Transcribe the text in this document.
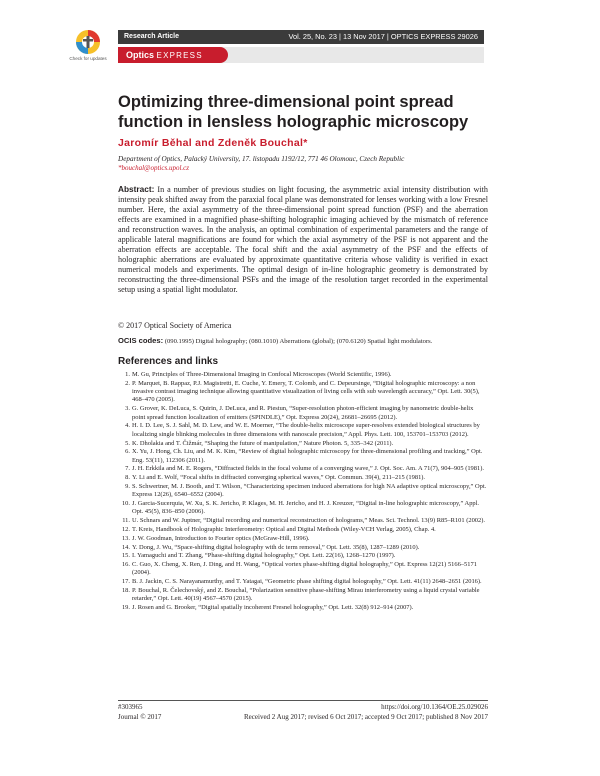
Check for updates
Research Article	Vol. 25, No. 23 | 13 Nov 2017 | OPTICS EXPRESS 29026
Optics EXPRESS
Optimizing three-dimensional point spread function in lensless holographic microscopy
Jaromír Běhal and Zdeněk Bouchal*
Department of Optics, Palacký University, 17. listopadu 1192/12, 771 46 Olomouc, Czech Republic
*bouchal@optics.upol.cz
Abstract: In a number of previous studies on light focusing, the asymmetric axial intensity distribution with intensity peak shifted away from the paraxial focal plane was demonstrated for lenses working with a low Fresnel number. Here, the axial asymmetry of the three-dimensional point spread function (PSF) and the aberration effects are examined in a magnified phase-shifting holographic imaging achieved by the mismatch of reference and reconstruction waves. In the analysis, an optimal combination of experimental parameters and the range of applicable lateral magnifications are found for which the axial asymmetry of the PSF is not apparent and the aberration effects are acceptable. The focal shift and the axial asymmetry of the PSF and the effects of holographic aberrations are evaluated by approximate quantitative criteria whose validity is verified in exact numerical models and experiments. The optimal design of in-line holographic geometry is demonstrated by reconstructing the three-dimensional PSFs and the image of the resolution target recorded in the experimental setup using a spatial light modulator.
© 2017 Optical Society of America
OCIS codes: (090.1995) Digital holography; (080.1010) Aberrations (global); (070.6120) Spatial light modulators.
References and links
1. M. Gu, Principles of Three-Dimensional Imaging in Confocal Microscopes (World Scientific, 1996).
2. P. Marquet, B. Rappaz, P.J. Magistretti, E. Cuche, Y. Emery, T. Colomb, and C. Depeursinge, “Digital holographic microscopy: a non invasive contrast imaging technique allowing quantitative visualization of living cells with sub wavelength accuracy,” Opt. Lett. 30(5), 468–470 (2005).
3. G. Grover, K. DeLuca, S. Quirin, J. DeLuca, and R. Piestun, “Super-resolution photon-efficient imaging by nanometric double-helix point spread function localization of emitters (SPINDLE),” Opt. Express 20(24), 26681–26695 (2012).
4. H. I. D. Lee, S. J. Sahl, M. D. Lew, and W. E. Moerner, “The double-helix microscope super-resolves extended biological structures by localizing single blinking molecules in three dimensions with nanoscale precision,” Appl. Phys. Lett. 100, 153701–153703 (2012).
5. K. Dholakia and T. Čižmár, “Shaping the future of manipulation,” Nature Photon. 5, 335–342 (2011).
6. X. Yu, J. Hong, Ch. Liu, and M. K. Kim, “Review of digital holographic microscopy for three-dimensional profiling and tracking,” Opt. Eng. 53(11), 112306 (2011).
7. J. H. Erkkila and M. E. Rogers, “Diffracted fields in the focal volume of a converging wave,” J. Opt. Soc. Am. A 71(7), 904–905 (1981).
8. Y. Li and E. Wolf, “Focal shifts in diffracted converging spherical waves,” Opt. Commun. 39(4), 211–215 (1981).
9. S. Schwertner, M. J. Booth, and T. Wilson, “Characterizing specimen induced aberrations for high NA adaptive optical microscopy,” Opt. Express 12(26), 6540–6552 (2004).
10. J. Garcia-Sucerquia, W. Xu, S. K. Jericho, P. Klages, M. H. Jericho, and H. J. Kreuzer, “Digital in-line holographic microscopy,” Appl. Opt. 45(5), 836–850 (2006).
11. U. Schnars and W. Juptner, “Digital recording and numerical reconstruction of holograms,” Meas. Sci. Technol. 13(9) R85–R101 (2002).
12. T. Kreis, Handbook of Holographic Interferometry: Optical and Digital Methods (Wiley-VCH Verlag, 2005), Chap. 4.
13. J. W. Goodman, Introduction to Fourier optics (McGraw-Hill, 1996).
14. Y. Dong, J. Wu, “Space-shifting digital holography with dc term removal,” Opt. Lett. 35(8), 1287–1289 (2010).
15. I. Yamaguchi and T. Zhang, “Phase-shifting digital holography,” Opt. Lett. 22(16), 1268–1270 (1997).
16. C. Guo, X. Cheng, X. Ren, J. Ding, and H. Wang, “Optical vortex phase-shifting digital holography,” Opt. Express 12(21) 5166–5171 (2004).
17. B. J. Jackin, C. S. Narayanamurthy, and T. Yatagai, “Geometric phase shifting digital holography,” Opt. Lett. 41(11) 2648–2651 (2016).
18. P. Bouchal, R. Čelechovský, and Z. Bouchal, “Polarization sensitive phase-shifting Mirau interferometry using a liquid crystal variable retarder,” Opt. Lett. 40(19) 4567–4570 (2015).
19. J. Rosen and G. Brooker, “Digital spatially incoherent Fresnel holography,” Opt. Lett. 32(8) 912–914 (2007).
#303965
Journal © 2017
https://doi.org/10.1364/OE.25.029026
Received 2 Aug 2017; revised 6 Oct 2017; accepted 9 Oct 2017; published 8 Nov 2017
